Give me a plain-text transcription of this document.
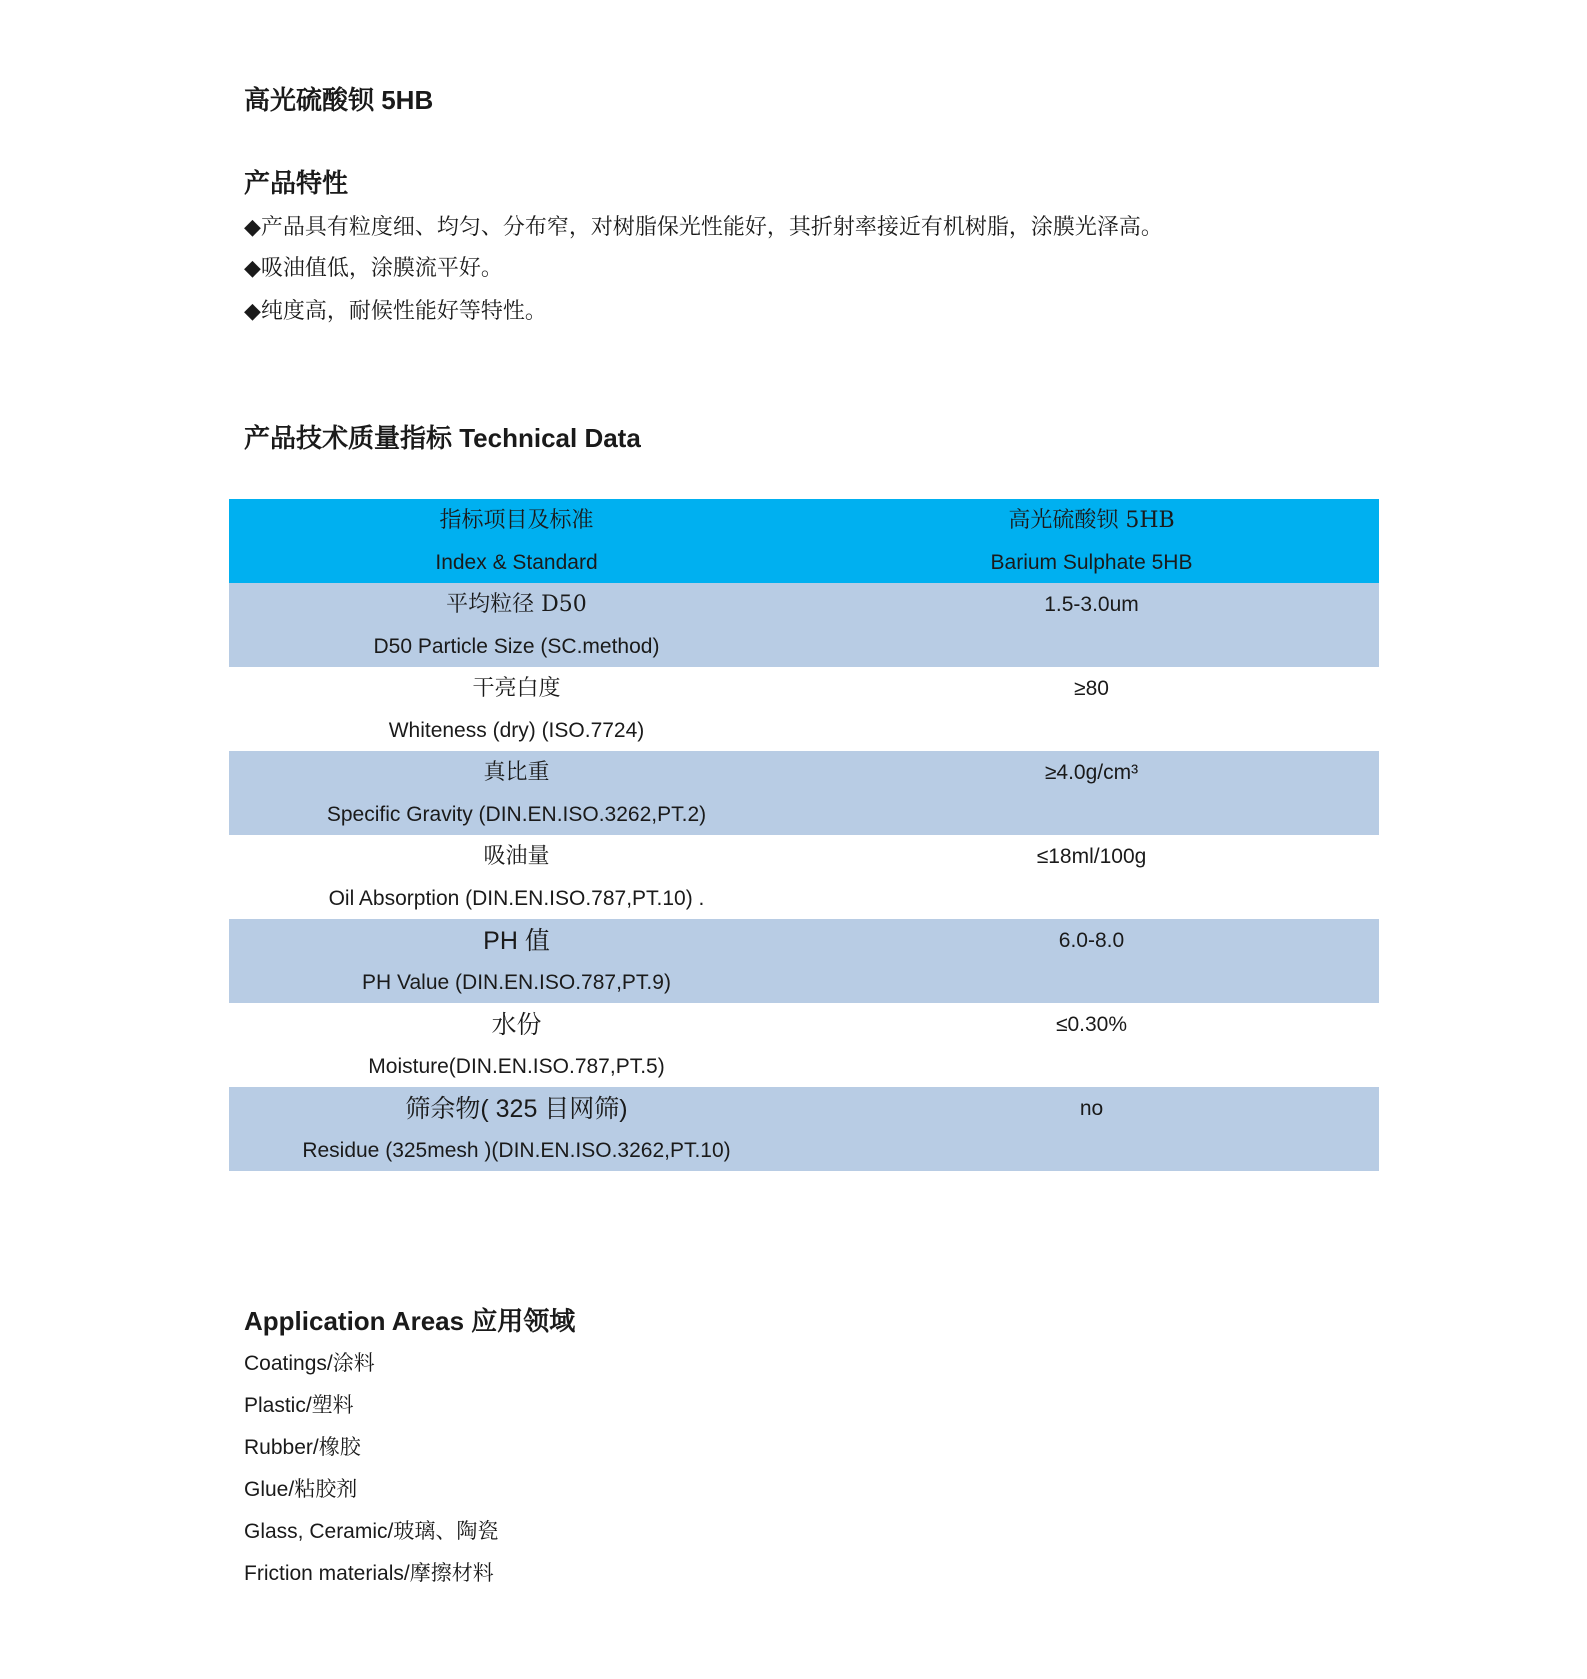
高光硫酸钡 5HB
产品特性
◆产品具有粒度细、均匀、分布窄，对树脂保光性能好，其折射率接近有机树脂，涂膜光泽高。
◆吸油值低，涂膜流平好。
◆纯度高，耐候性能好等特性。
产品技术质量指标 Technical Data
指标项目及标准
Index & Standard
高光硫酸钡 5HB
Barium Sulphate 5HB
平均粒径 D50
D50 Particle Size (SC.method)
1.5-3.0um
干亮白度
Whiteness (dry) (ISO.7724)
≥80
真比重
Specific Gravity (DIN.EN.ISO.3262,PT.2)
≥4.0g/cm³
吸油量
Oil Absorption (DIN.EN.ISO.787,PT.10) .
≤18ml/100g
PH 值
PH Value (DIN.EN.ISO.787,PT.9)
6.0-8.0
水份
Moisture(DIN.EN.ISO.787,PT.5)
≤0.30%
筛余物( 325 目网筛)
Residue (325mesh )(DIN.EN.ISO.3262,PT.10)
no
Application Areas 应用领域
Coatings/涂料
Plastic/塑料
Rubber/橡胶
Glue/粘胶剂
Glass, Ceramic/玻璃、陶瓷
Friction materials/摩擦材料
